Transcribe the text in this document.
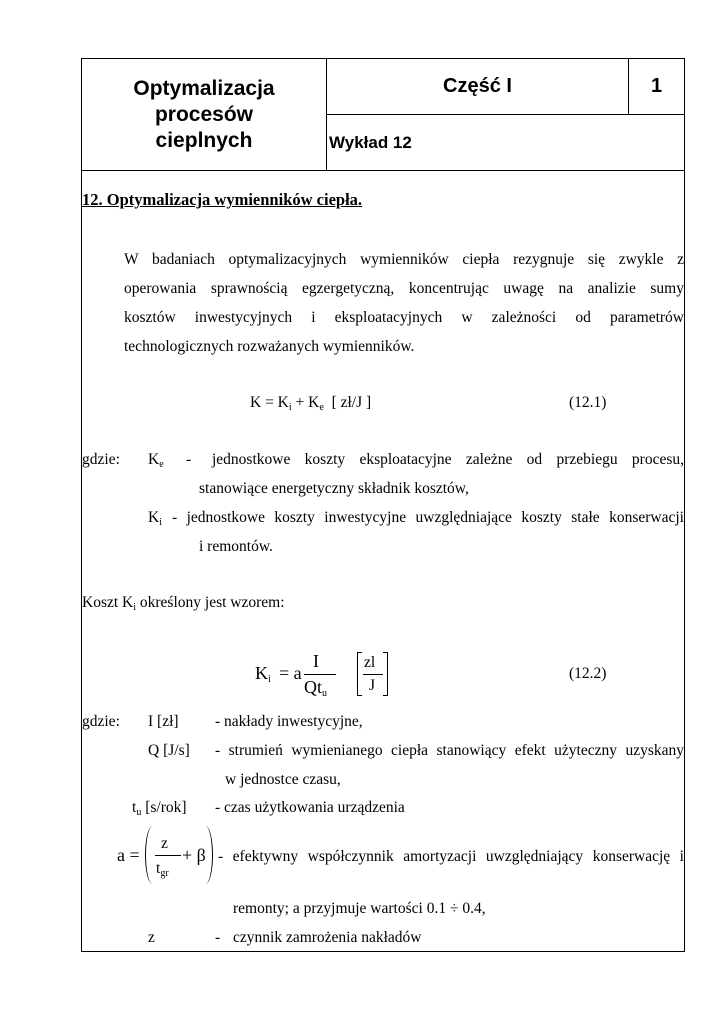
Optymalizacja
procesów
cieplnych
Część I	1
Wykład 12
12. Optymalizacja wymienników ciepła.
W badaniach optymalizacyjnych wymienników ciepła rezygnuje się zwykle z
operowania sprawnością egzergetyczną, koncentrując uwagę na analizie sumy
kosztów inwestycyjnych i eksploatacyjnych w zależności od parametrów
technologicznych rozważanych wymienników.
$K = K_i + K_e$  [ zł/J ]	(12.1)
gdzie: $K_e$ - jednostkowe koszty eksploatacyjne zależne od przebiegu procesu,
stanowiące energetyczny składnik kosztów,
$K_i$ - jednostkowe koszty inwestycyjne uwzględniające koszty stałe konserwacji
i remontów.
Koszt $K_i$ określony jest wzorem:
$K_i = a$
I
$Qt_u$
zl
J
(12.2)
gdzie: I [zł] - nakłady inwestycyjne,
Q [J/s] - strumień wymienianego ciepła stanowiący efekt użyteczny uzyskany
w jednostce czasu,
$t_u$ [s/rok] - czas użytkowania urządzenia
a =
z
$t_{gr}$
+ β - efektywny współczynnik amortyzacji uwzględniający konserwację i
remonty; a przyjmuje wartości 0.1 ÷ 0.4,
z	- czynnik zamrożenia nakładów
